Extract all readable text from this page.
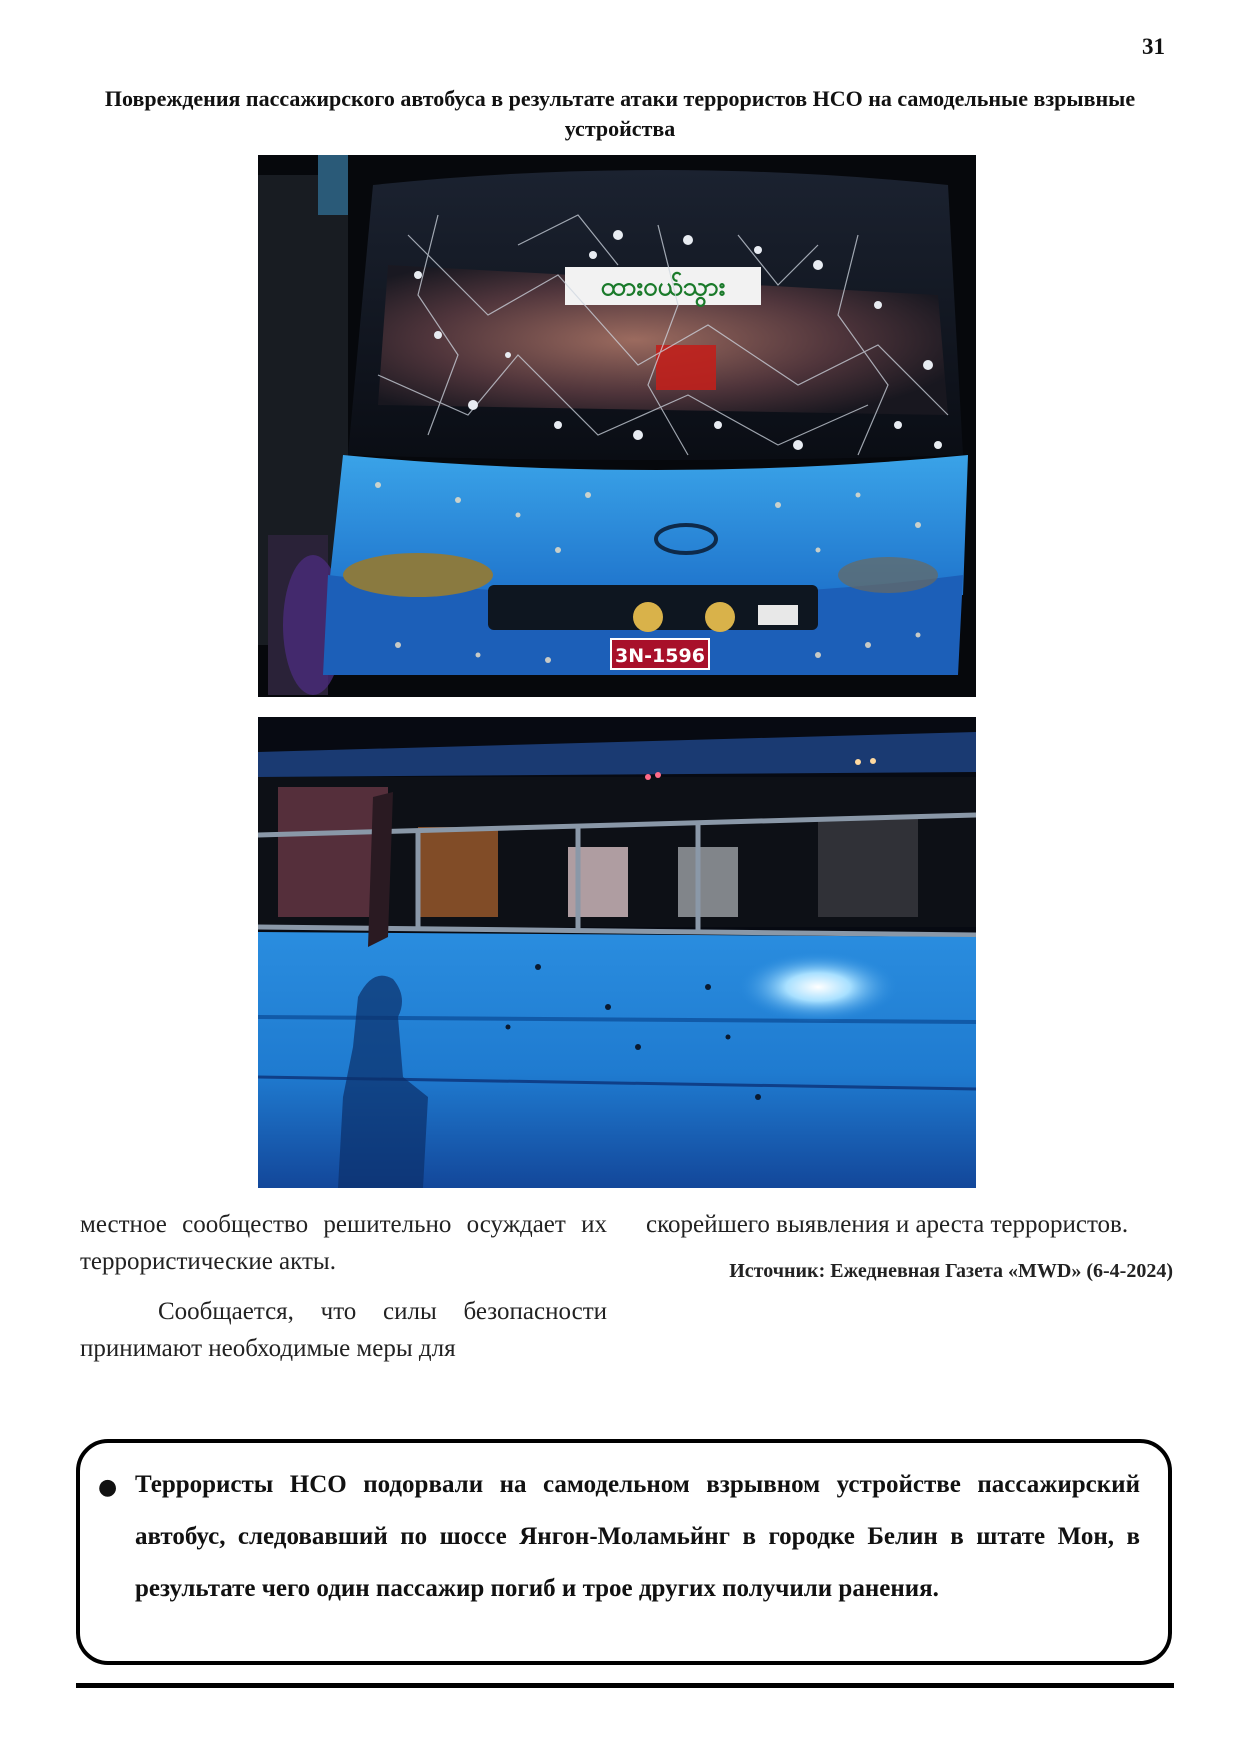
31
Повреждения пассажирского автобуса в результате атаки террористов НСО на самодельные взрывные устройства
ထားဝယ်သွား
3N-1596

местное сообщество решительно осуждает их террористические акты.

Сообщается, что силы безопасности принимают необходимые меры для

скорейшего выявления и ареста террористов.

Источник: Ежедневная Газета «MWD» (6-4-2024)
● Террористы НСО подорвали на самодельном взрывном устройстве пассажирский автобус, следовавший по шоссе Янгон-Моламьйнг в городке Белин в штате Мон, в результате чего один пассажир погиб и трое других получили ранения.
